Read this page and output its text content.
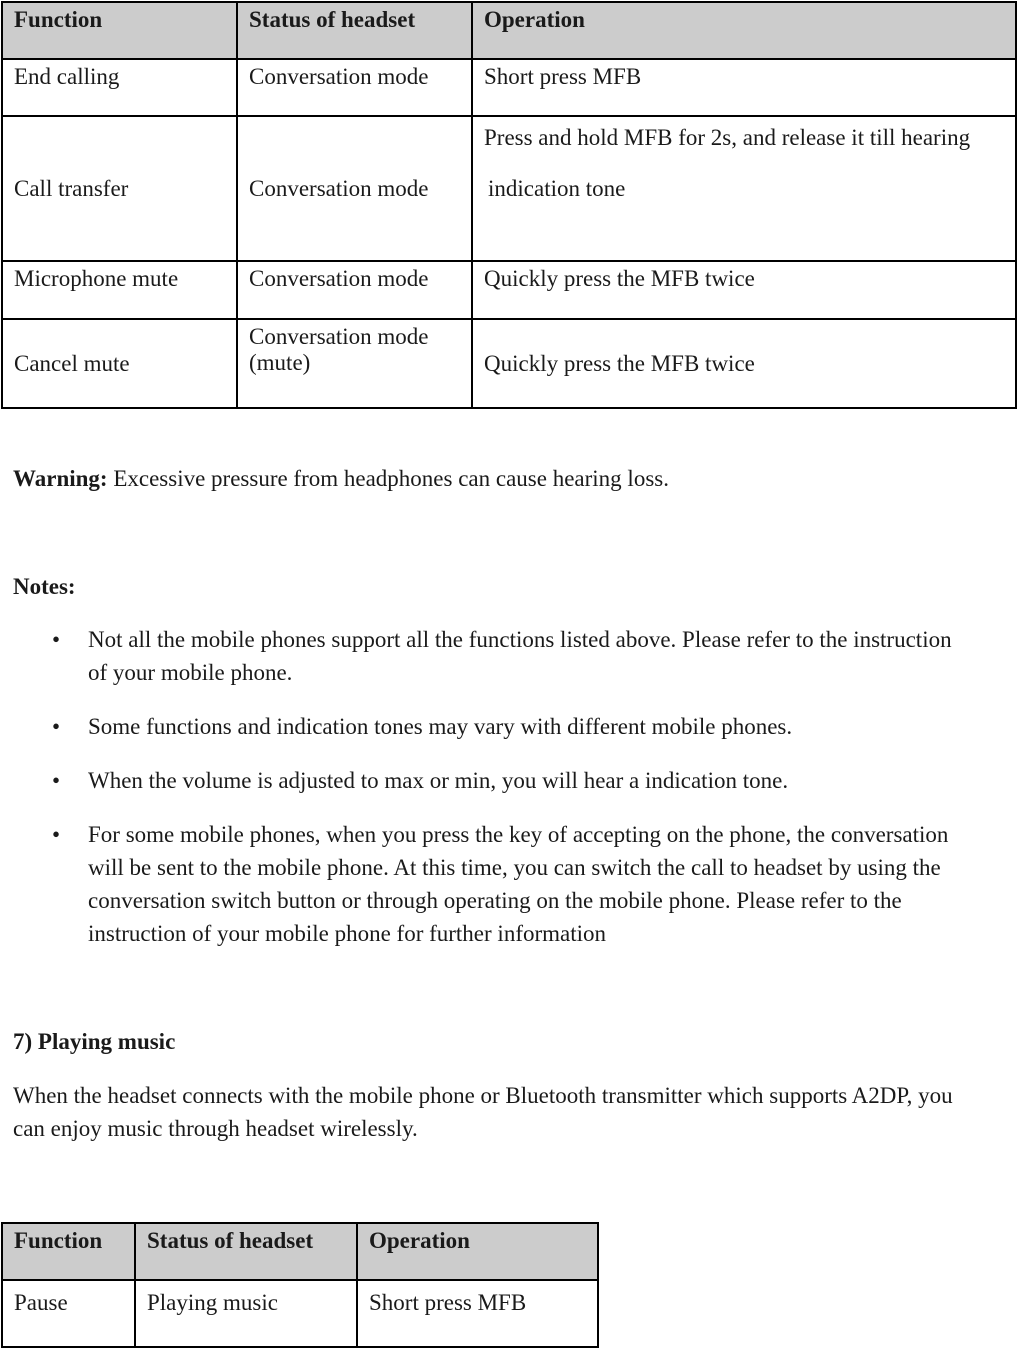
Function	Status of headset	Operation
End calling	Conversation mode	Short press MFB
Call transfer	Conversation mode	Press and hold MFB for 2s, and release it till hearing
indication tone

Microphone mute	Conversation mode	Quickly press the MFB twice
Cancel mute	Conversation mode (mute)	Quickly press the MFB twice

Warning: Excessive pressure from headphones can cause hearing loss.

Notes:

• Not all the mobile phones support all the functions listed above. Please refer to the instruction of your mobile phone.
• Some functions and indication tones may vary with different mobile phones.
• When the volume is adjusted to max or min, you will hear a indication tone.
• For some mobile phones, when you press the key of accepting on the phone, the conversation will be sent to the mobile phone. At this time, you can switch the call to headset by using the conversation switch button or through operating on the mobile phone. Please refer to the instruction of your mobile phone for further information

7) Playing music

When the headset connects with the mobile phone or Bluetooth transmitter which supports A2DP, you can enjoy music through headset wirelessly.

Function	Status of headset	Operation
Pause	Playing music	Short press MFB
